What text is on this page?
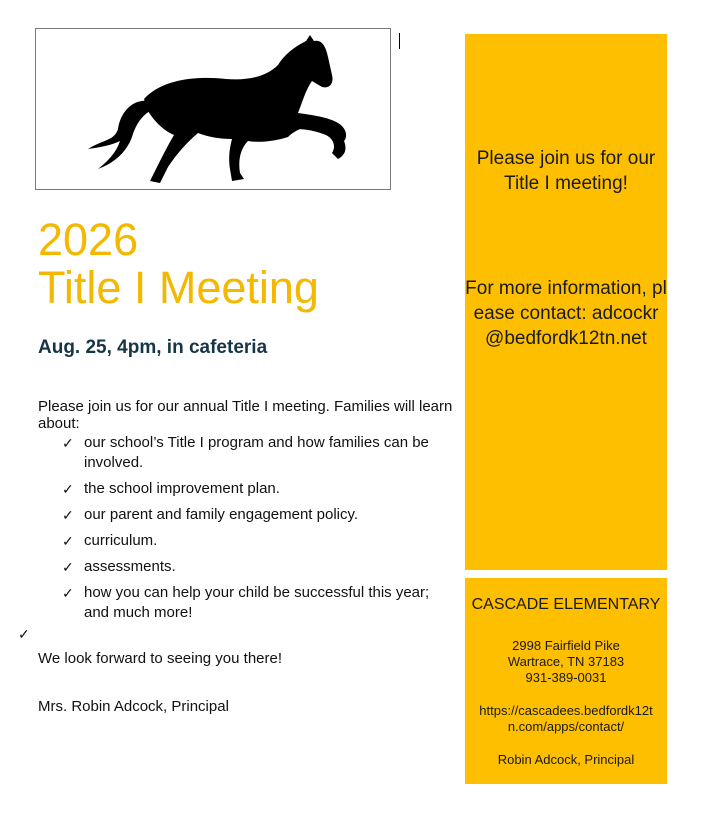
2026
Title I Meeting
Aug. 25, 4pm, in cafeteria
Please join us for our annual Title I meeting. Families will learn about:
✓ our school’s Title I program and how families can be involved.
✓ the school improvement plan.
✓ our parent and family engagement policy.
✓ curriculum.
✓ assessments.
✓ how you can help your child be successful this year; and much more!
✓
We look forward to seeing you there!
Mrs. Robin Adcock, Principal
Please join us for our Title I meeting!
For more information, please contact: adcockr@bedfordk12tn.net
CASCADE ELEMENTARY
2998 Fairfield Pike
Wartrace, TN 37183
931-389-0031
https://cascadees.bedfordk12tn.com/apps/contact/
Robin Adcock, Principal
